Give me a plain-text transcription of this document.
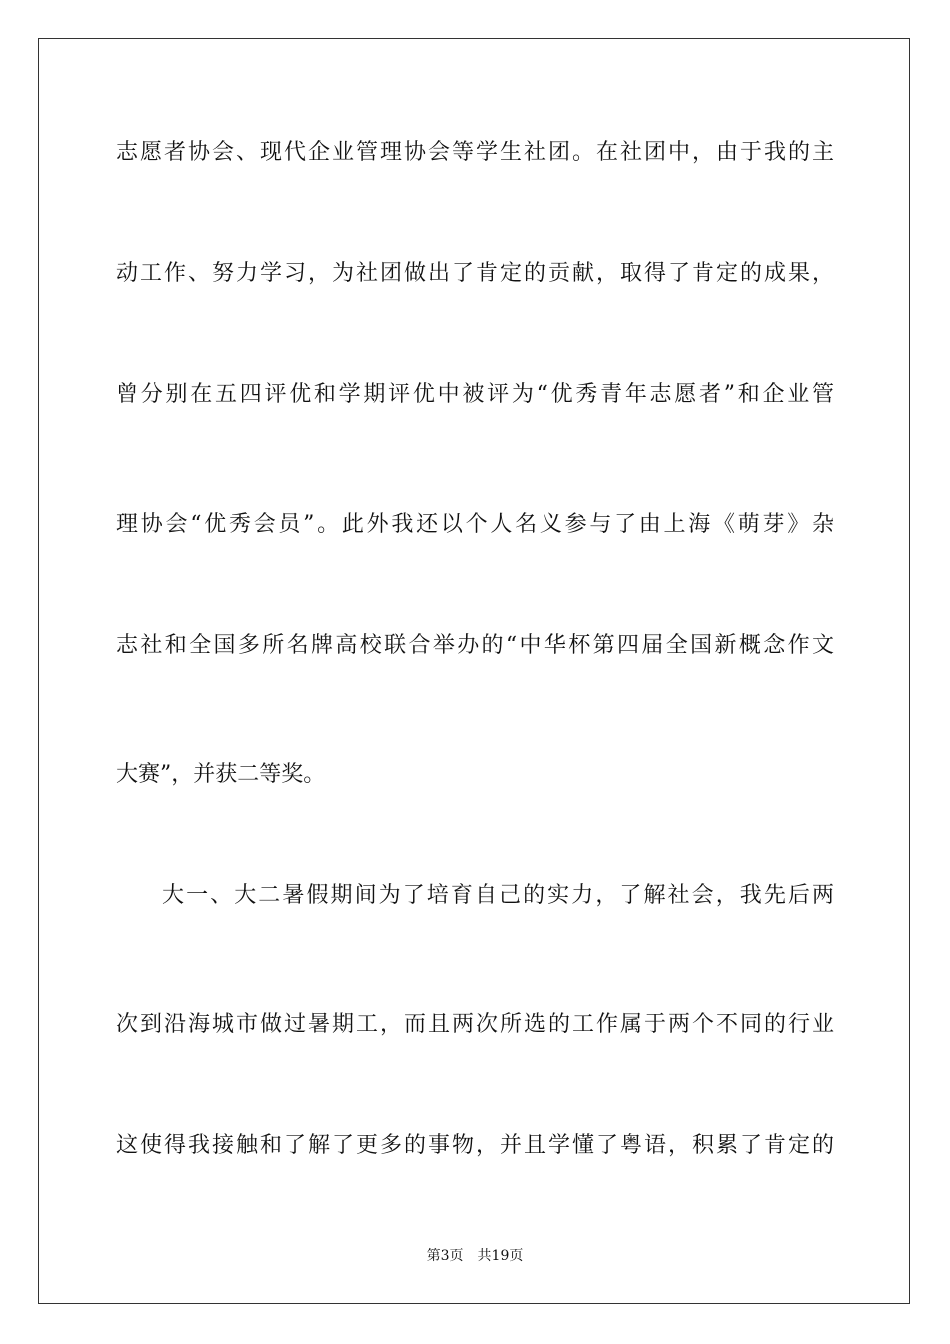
志愿者协会、现代企业管理协会等学生社团。在社团中，由于我的主
动工作、努力学习，为社团做出了肯定的贡献，取得了肯定的成果，
曾分别在五四评优和学期评优中被评为“优秀青年志愿者”和企业管
理协会“优秀会员”。此外我还以个人名义参与了由上海《萌芽》杂
志社和全国多所名牌高校联合举办的“中华杯第四届全国新概念作文
大赛”，并获二等奖。
大一、大二暑假期间为了培育自己的实力，了解社会，我先后两
次到沿海城市做过暑期工，而且两次所选的工作属于两个不同的行业
这使得我接触和了解了更多的事物，并且学懂了粤语，积累了肯定的
第3页 共19页
